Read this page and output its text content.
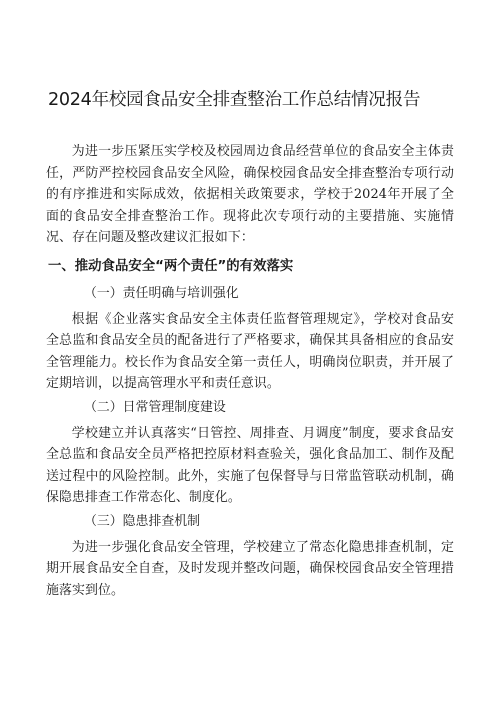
2024年校园食品安全排查整治工作总结情况报告

为进一步压紧压实学校及校园周边食品经营单位的食品安全主体责任，严防严控校园食品安全风险，确保校园食品安全排查整治专项行动的有序推进和实际成效，依据相关政策要求，学校于2024年开展了全面的食品安全排查整治工作。现将此次专项行动的主要措施、实施情况、存在问题及整改建议汇报如下：

一、推动食品安全“两个责任”的有效落实
（一）责任明确与培训强化

根据《企业落实食品安全主体责任监督管理规定》，学校对食品安全总监和食品安全员的配备进行了严格要求，确保其具备相应的食品安全管理能力。校长作为食品安全第一责任人，明确岗位职责，并开展了定期培训，以提高管理水平和责任意识。

（二）日常管理制度建设

学校建立并认真落实“日管控、周排查、月调度”制度，要求食品安全总监和食品安全员严格把控原材料查验关，强化食品加工、制作及配送过程中的风险控制。此外，实施了包保督导与日常监管联动机制，确保隐患排查工作常态化、制度化。

（三）隐患排查机制

为进一步强化食品安全管理，学校建立了常态化隐患排查机制，定期开展食品安全自查，及时发现并整改问题，确保校园食品安全管理措施落实到位。
